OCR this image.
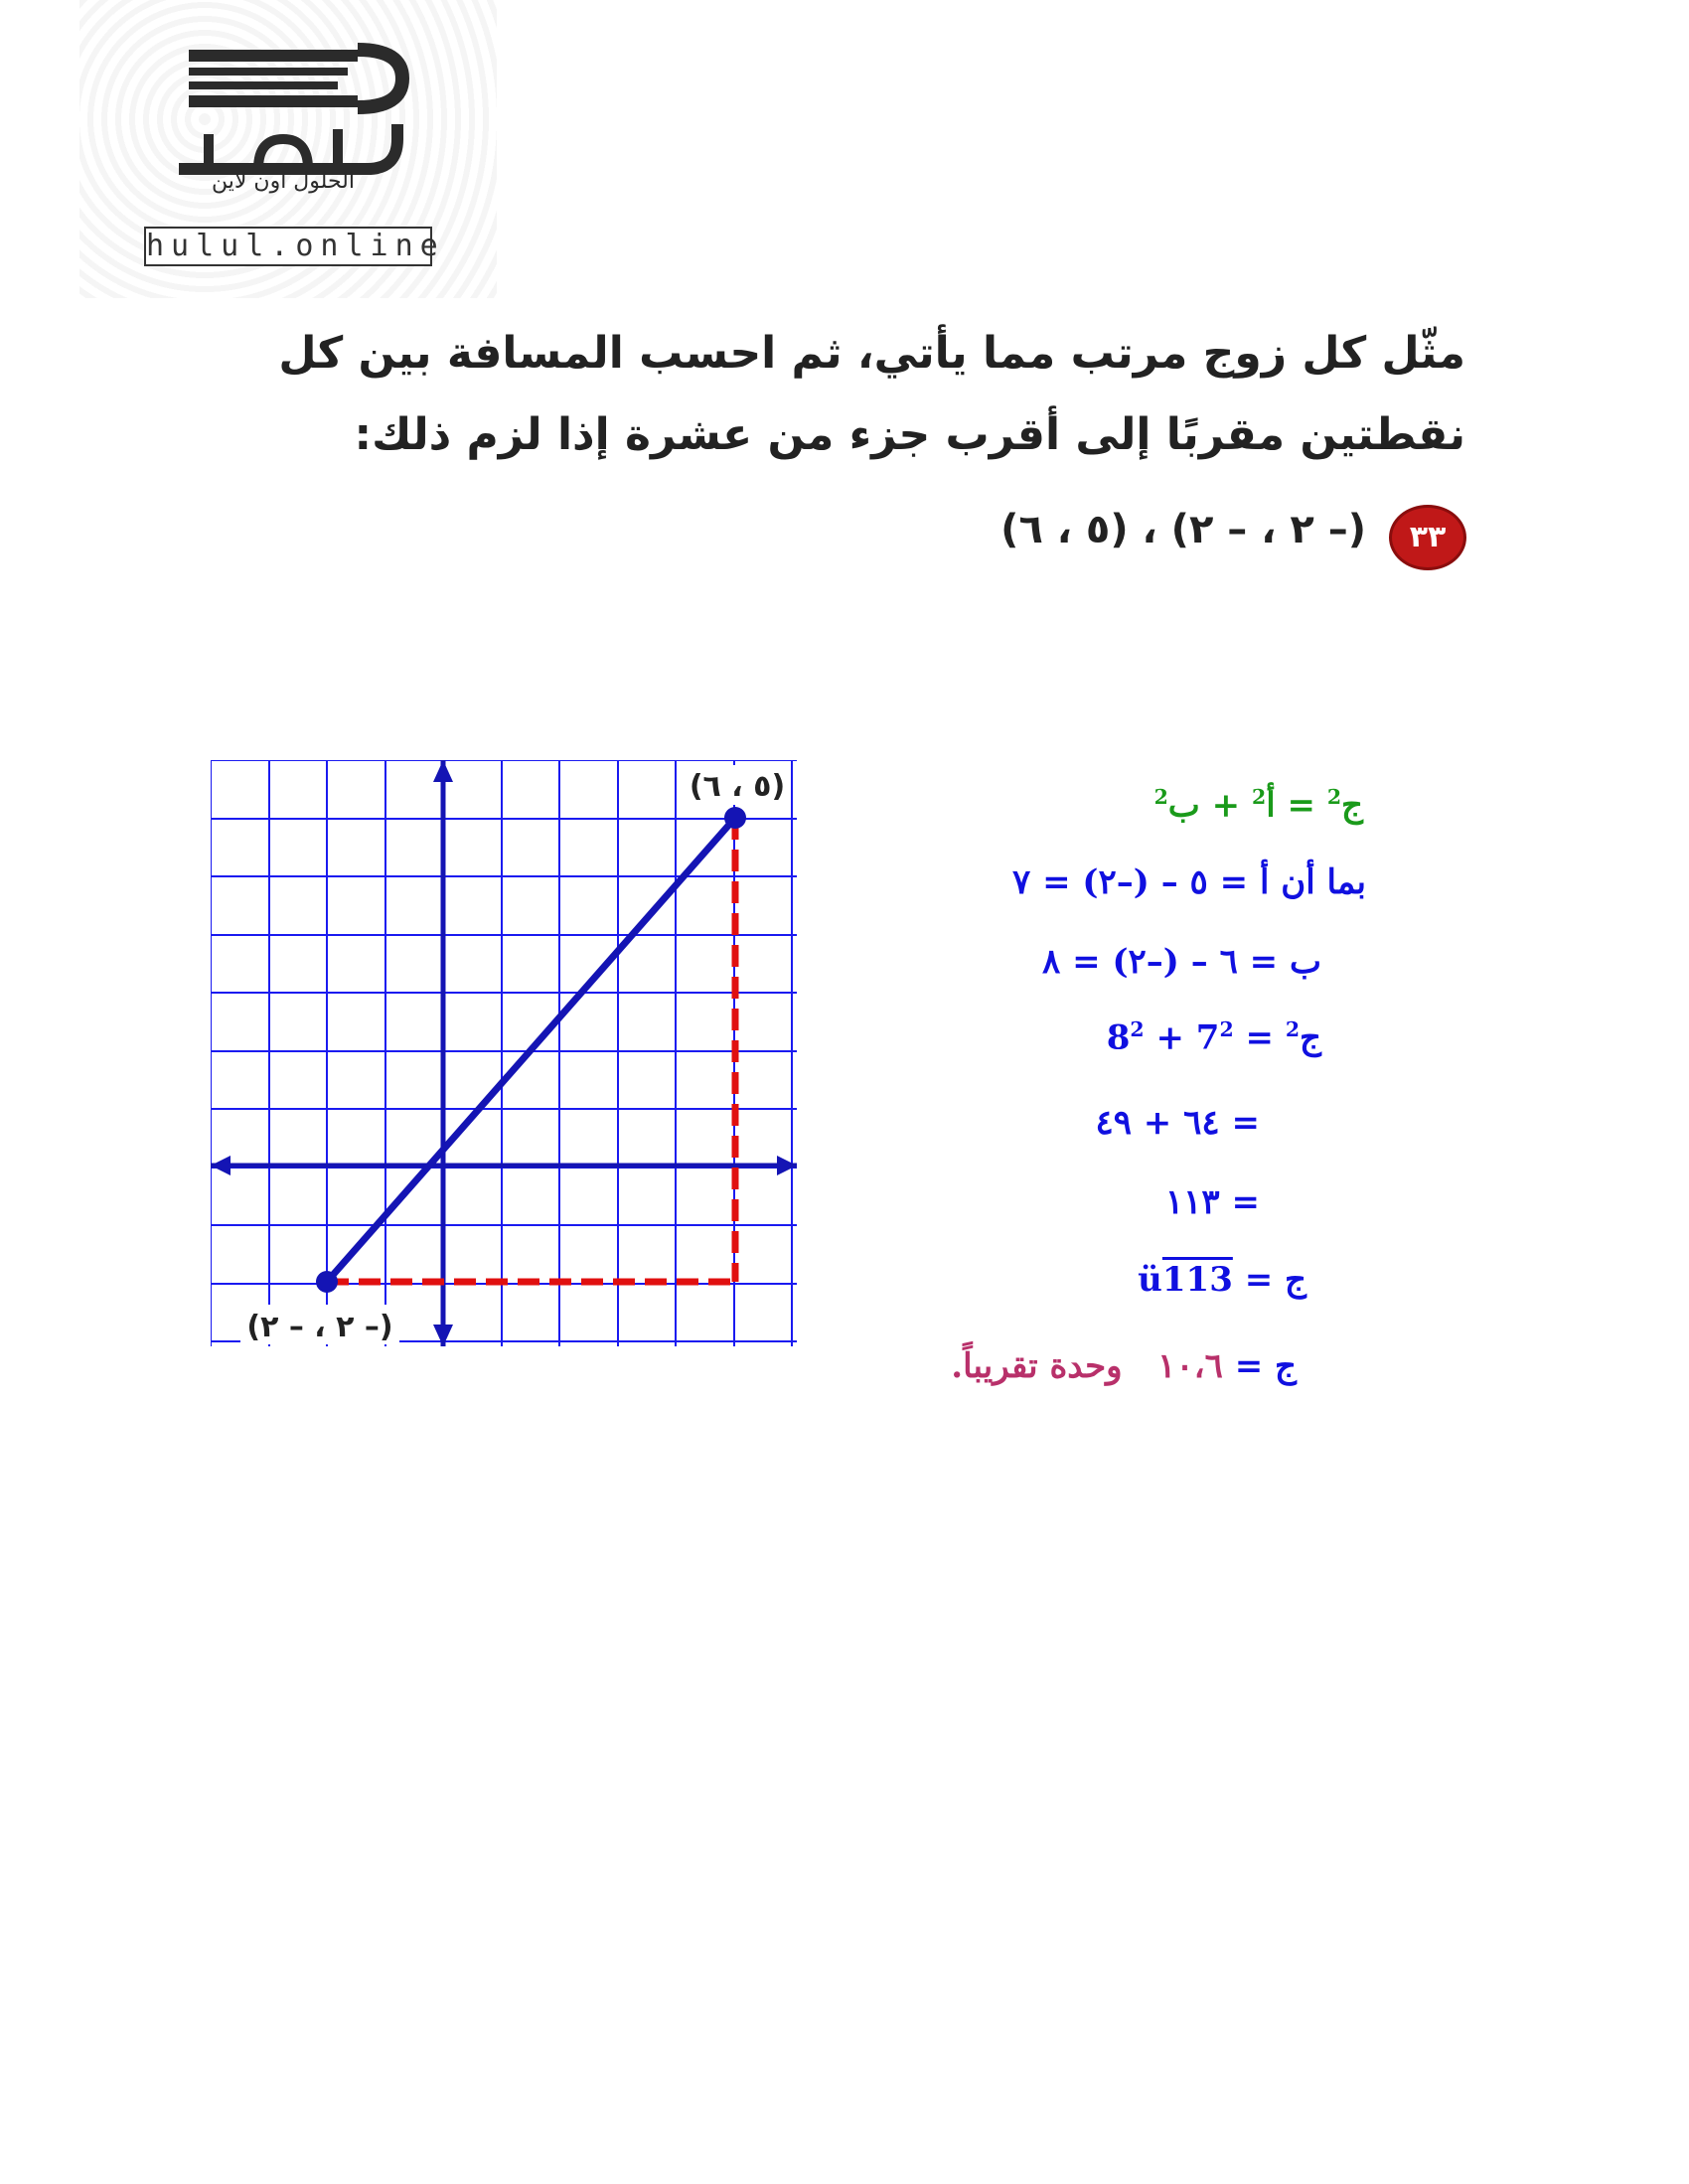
الحلول اون لاين
hulul.online
مثّل كل زوج مرتب مما يأتي، ثم احسب المسافة بين كل
نقطتين مقربًا إلى أقرب جزء من عشرة إذا لزم ذلك:
٣٣
(– ٢ ، – ٢) ، (٥ ، ٦)
(٥ ، ٦)
(– ٢ ، – ٢)
ج$^2$ = أ$^2$ + ب$^2$
بما أن أ = ٥ – (–٢) = ٧
ب = ٦ – (–٢) = ٨
ج$^2$ = $7^2 + 8^2$
= ٦٤ + ٤٩
= ١١٣
ج = ü113
ج = ١٠،٦   وحدة تقريباً.
